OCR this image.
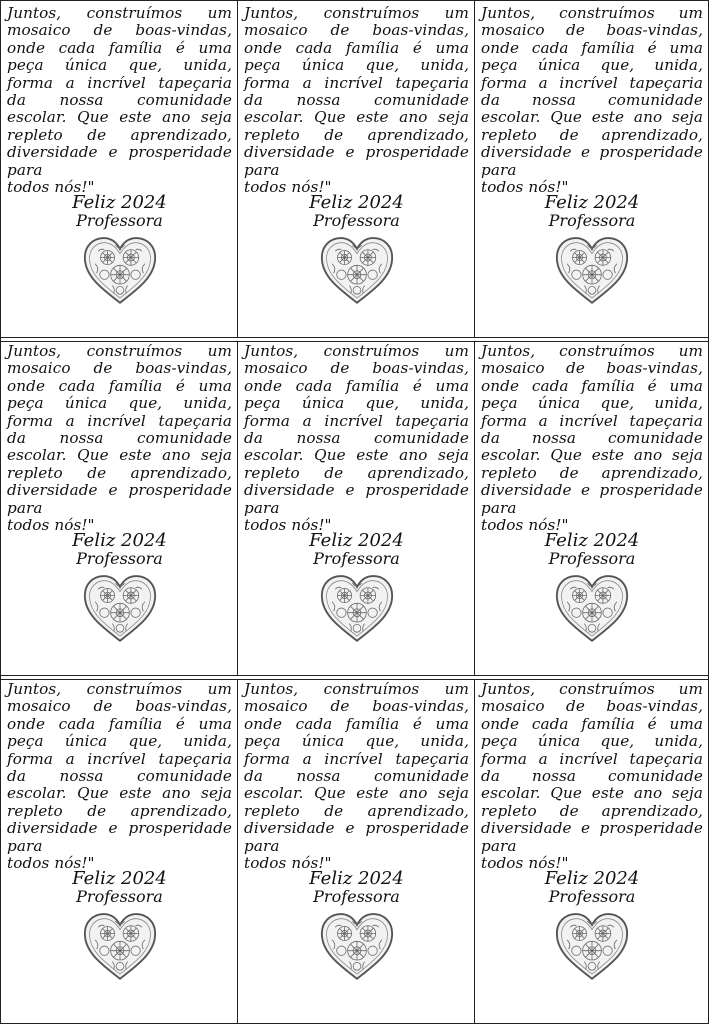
Juntos, construímos um mosaico de boas-vindas, onde cada família é uma peça única que, unida, forma a incrível tapeçaria da nossa comunidade escolar. Que este ano seja repleto de aprendizado, diversidade e prosperidade para
todos nós!"

Feliz 2024
Professora

Juntos, construímos um mosaico de boas-vindas, onde cada família é uma peça única que, unida, forma a incrível tapeçaria da nossa comunidade escolar. Que este ano seja repleto de aprendizado, diversidade e prosperidade para
todos nós!"

Feliz 2024
Professora

Juntos, construímos um mosaico de boas-vindas, onde cada família é uma peça única que, unida, forma a incrível tapeçaria da nossa comunidade escolar. Que este ano seja repleto de aprendizado, diversidade e prosperidade para
todos nós!"

Feliz 2024
Professora

Juntos, construímos um mosaico de boas-vindas, onde cada família é uma peça única que, unida, forma a incrível tapeçaria da nossa comunidade escolar. Que este ano seja repleto de aprendizado, diversidade e prosperidade para
todos nós!"

Feliz 2024
Professora

Juntos, construímos um mosaico de boas-vindas, onde cada família é uma peça única que, unida, forma a incrível tapeçaria da nossa comunidade escolar. Que este ano seja repleto de aprendizado, diversidade e prosperidade para
todos nós!"

Feliz 2024
Professora

Juntos, construímos um mosaico de boas-vindas, onde cada família é uma peça única que, unida, forma a incrível tapeçaria da nossa comunidade escolar. Que este ano seja repleto de aprendizado, diversidade e prosperidade para
todos nós!"

Feliz 2024
Professora

Juntos, construímos um mosaico de boas-vindas, onde cada família é uma peça única que, unida, forma a incrível tapeçaria da nossa comunidade escolar. Que este ano seja repleto de aprendizado, diversidade e prosperidade para
todos nós!"

Feliz 2024
Professora

Juntos, construímos um mosaico de boas-vindas, onde cada família é uma peça única que, unida, forma a incrível tapeçaria da nossa comunidade escolar. Que este ano seja repleto de aprendizado, diversidade e prosperidade para
todos nós!"

Feliz 2024
Professora

Juntos, construímos um mosaico de boas-vindas, onde cada família é uma peça única que, unida, forma a incrível tapeçaria da nossa comunidade escolar. Que este ano seja repleto de aprendizado, diversidade e prosperidade para
todos nós!"

Feliz 2024
Professora
